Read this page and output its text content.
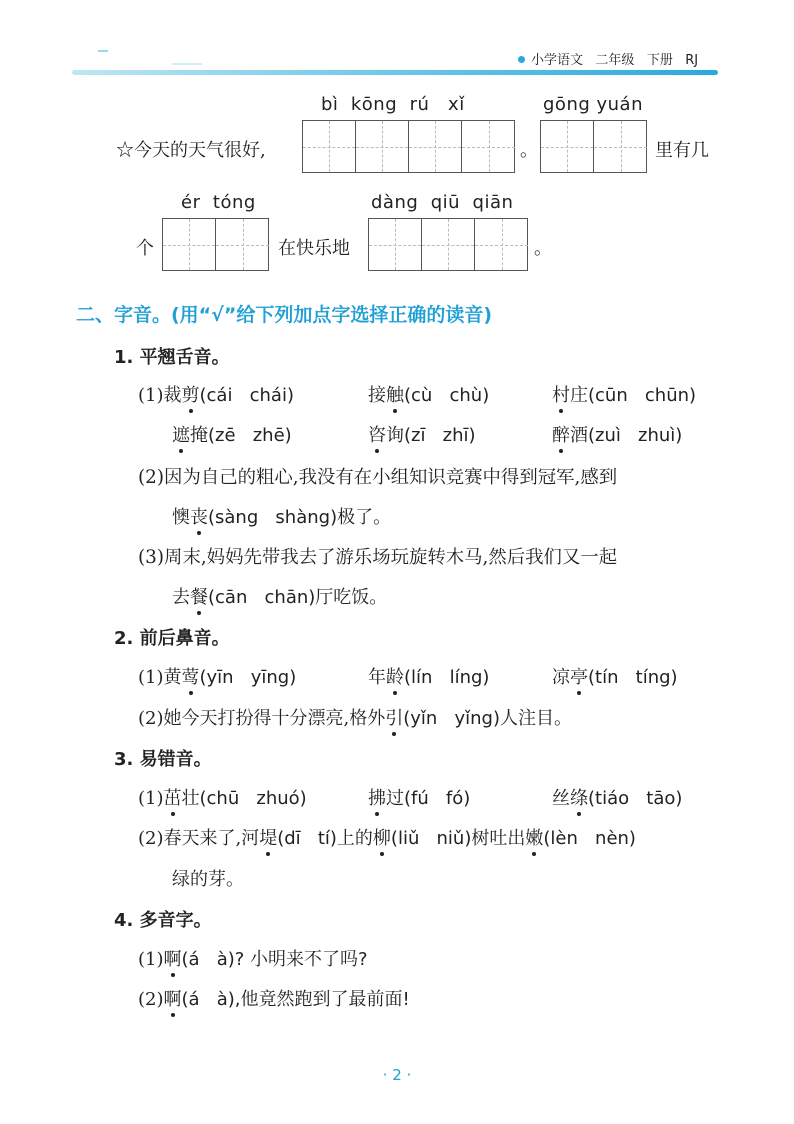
小学语文 二年级 下册 RJ
bì  kōng  rú   xǐ	gōng yuán
☆今天的天气很好,	。	里有几
ér  tóng	dàng  qiū  qiān
个	在快乐地	。
二、字音。(用“√”给下列加点字选择正确的读音)
1. 平翘舌音。
(1)裁剪(cái   chái)	接触(cù   chù)	村庄(cūn   chūn)
遮掩(zē   zhē)	咨询(zī   zhī)	醉酒(zuì   zhuì)
(2)因为自己的粗心,我没有在小组知识竞赛中得到冠军,感到
懊丧(sàng   shàng)极了。
(3)周末,妈妈先带我去了游乐场玩旋转木马,然后我们又一起
去餐(cān   chān)厅吃饭。
2. 前后鼻音。
(1)黄莺(yīn   yīng)	年龄(lín   líng)	凉亭(tín   tíng)
(2)她今天打扮得十分漂亮,格外引(yǐn   yǐng)人注目。
3. 易错音。
(1)茁壮(chū   zhuó)	拂过(fú   fó)	丝绦(tiáo   tāo)
(2)春天来了,河堤(dī   tí)上的柳(liǔ   niǔ)树吐出嫩(lèn   nèn)
绿的芽。
4. 多音字。
(1)啊(á   à)? 小明来不了吗?
(2)啊(á   à),他竟然跑到了最前面!
· 2 ·
